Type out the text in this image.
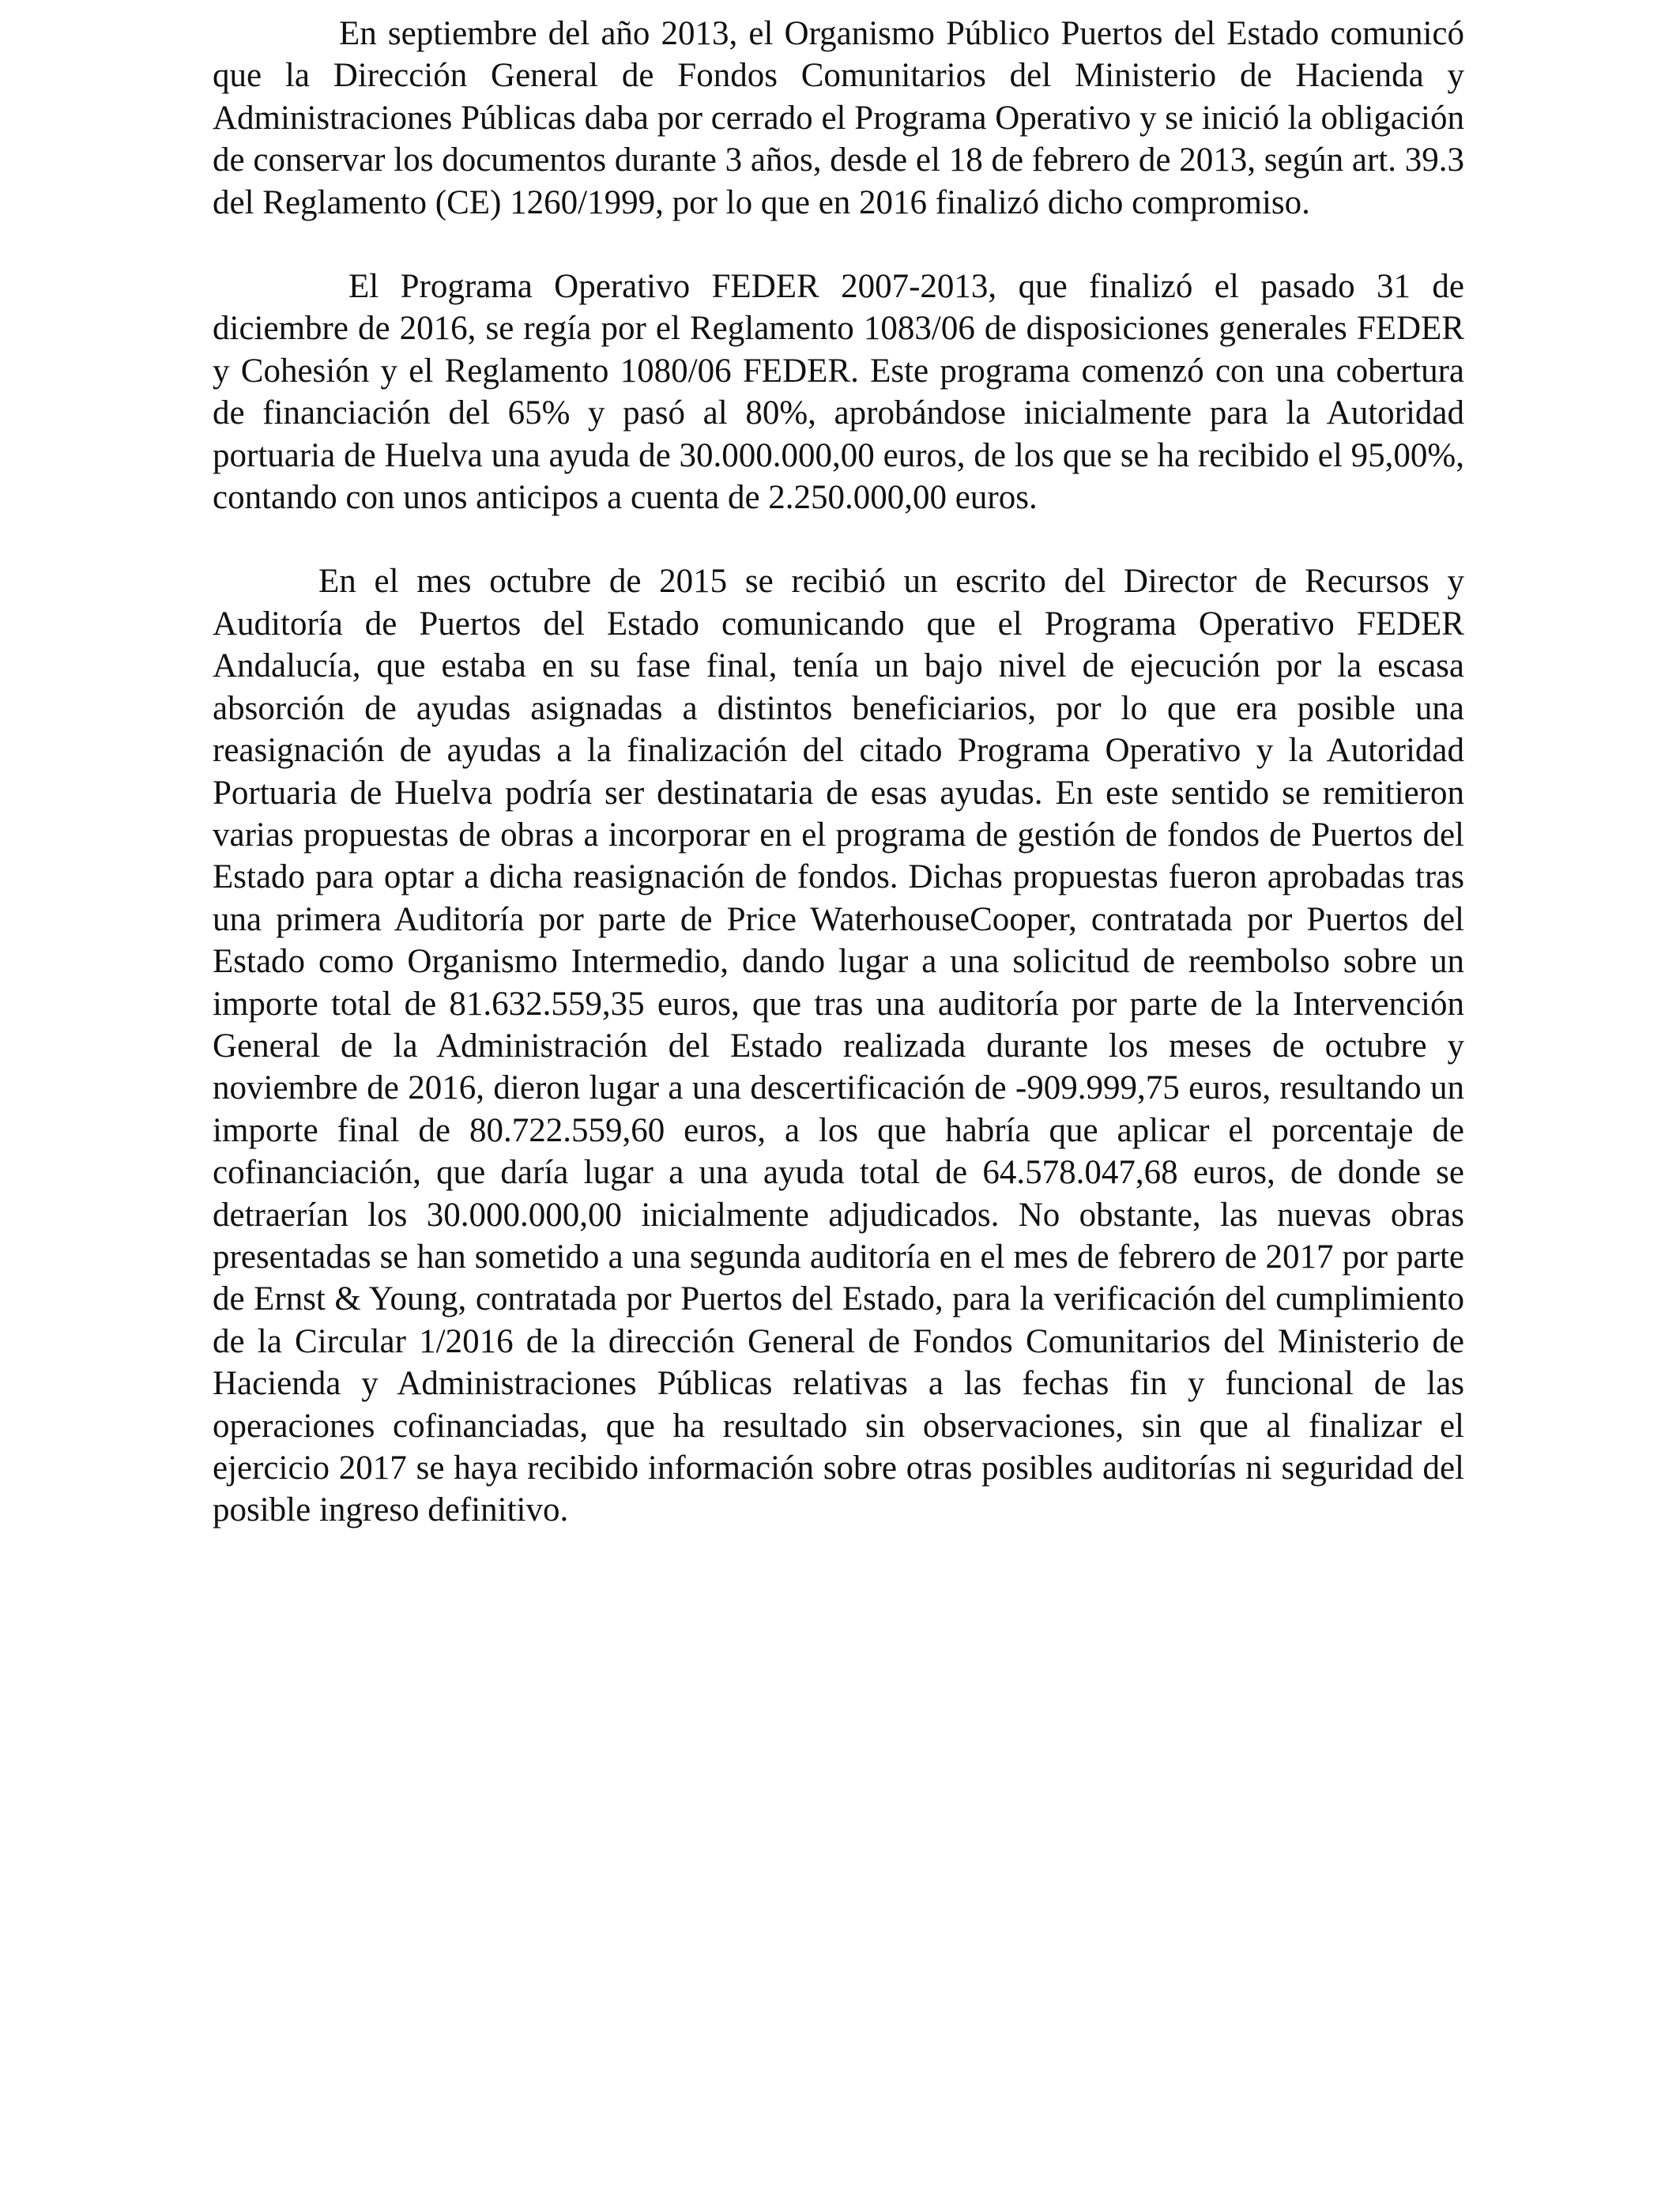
En septiembre del año 2013, el Organismo Público Puertos del Estado comunicó que la Dirección General de Fondos Comunitarios del Ministerio de Hacienda y Administraciones Públicas daba por cerrado el Programa Operativo y se inició la obligación de conservar los documentos durante 3 años, desde el 18 de febrero de 2013, según art. 39.3 del Reglamento (CE) 1260/1999, por lo que en 2016 finalizó dicho compromiso.

El Programa Operativo FEDER 2007-2013, que finalizó el pasado 31 de diciembre de 2016, se regía por el Reglamento 1083/06 de disposiciones generales FEDER y Cohesión y el Reglamento 1080/06 FEDER. Este programa comenzó con una cobertura de financiación del 65% y pasó al 80%, aprobándose inicialmente para la Autoridad portuaria de Huelva una ayuda de 30.000.000,00 euros, de los que se ha recibido el 95,00%, contando con unos anticipos a cuenta de 2.250.000,00 euros.

En el mes octubre de 2015 se recibió un escrito del Director de Recursos y Auditoría de Puertos del Estado comunicando que el Programa Operativo FEDER Andalucía, que estaba en su fase final, tenía un bajo nivel de ejecución por la escasa absorción de ayudas asignadas a distintos beneficiarios, por lo que era posible una reasignación de ayudas a la finalización del citado Programa Operativo y la Autoridad Portuaria de Huelva podría ser destinataria de esas ayudas. En este sentido se remitieron varias propuestas de obras a incorporar en el programa de gestión de fondos de Puertos del Estado para optar a dicha reasignación de fondos. Dichas propuestas fueron aprobadas tras una primera Auditoría por parte de Price WaterhouseCooper, contratada por Puertos del Estado como Organismo Intermedio, dando lugar a una solicitud de reembolso sobre un importe total de 81.632.559,35 euros, que tras una auditoría por parte de la Intervención General de la Administración del Estado realizada durante los meses de octubre y noviembre de 2016, dieron lugar a una descertificación de -909.999,75 euros, resultando un importe final de 80.722.559,60 euros, a los que habría que aplicar el porcentaje de cofinanciación, que daría lugar a una ayuda total de 64.578.047,68 euros, de donde se detraerían los 30.000.000,00 inicialmente adjudicados. No obstante, las nuevas obras presentadas se han sometido a una segunda auditoría en el mes de febrero de 2017 por parte de Ernst & Young, contratada por Puertos del Estado, para la verificación del cumplimiento de la Circular 1/2016 de la dirección General de Fondos Comunitarios del Ministerio de Hacienda y Administraciones Públicas relativas a las fechas fin y funcional de las operaciones cofinanciadas, que ha resultado sin observaciones, sin que al finalizar el ejercicio 2017 se haya recibido información sobre otras posibles auditorías ni seguridad del posible ingreso definitivo.
